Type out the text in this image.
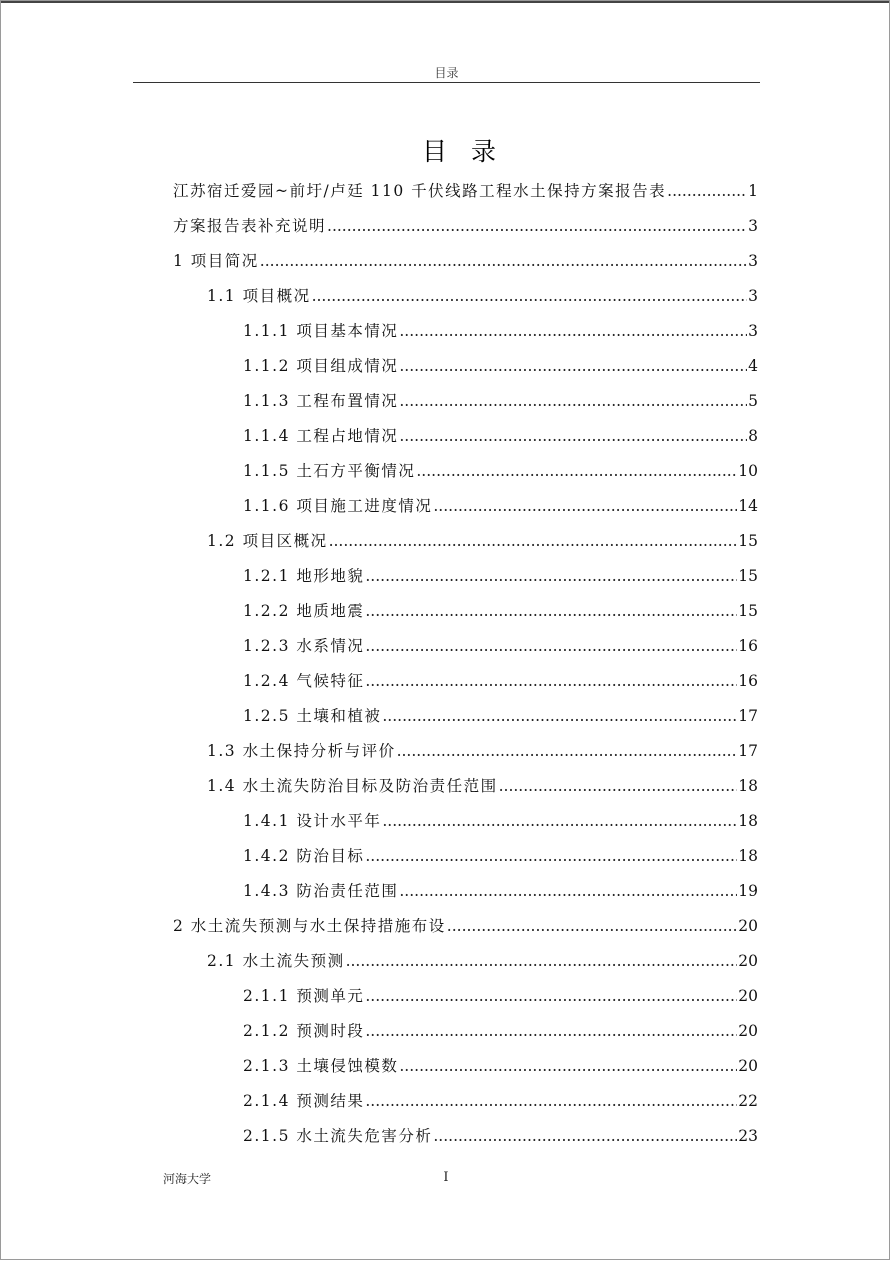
目录
目 录
江苏宿迁爱园~前圩/卢廷 110 千伏线路工程水土保持方案报告表 .....	1
方案报告表补充说明 .....	3
1 项目简况 .....	3
1.1 项目概况 .....	3
1.1.1 项目基本情况 .....	3
1.1.2 项目组成情况 .....	4
1.1.3 工程布置情况 .....	5
1.1.4 工程占地情况 .....	8
1.1.5 土石方平衡情况 .....	10
1.1.6 项目施工进度情况 .....	14
1.2 项目区概况 .....	15
1.2.1 地形地貌 .....	15
1.2.2 地质地震 .....	15
1.2.3 水系情况 .....	16
1.2.4 气候特征 .....	16
1.2.5 土壤和植被 .....	17
1.3 水土保持分析与评价 .....	17
1.4 水土流失防治目标及防治责任范围 .....	18
1.4.1 设计水平年 .....	18
1.4.2 防治目标 .....	18
1.4.3 防治责任范围 .....	19
2 水土流失预测与水土保持措施布设 .....	20
2.1 水土流失预测 .....	20
2.1.1 预测单元 .....	20
2.1.2 预测时段 .....	20
2.1.3 土壤侵蚀模数 .....	20
2.1.4 预测结果 .....	22
2.1.5 水土流失危害分析 .....	23
河海大学	I
